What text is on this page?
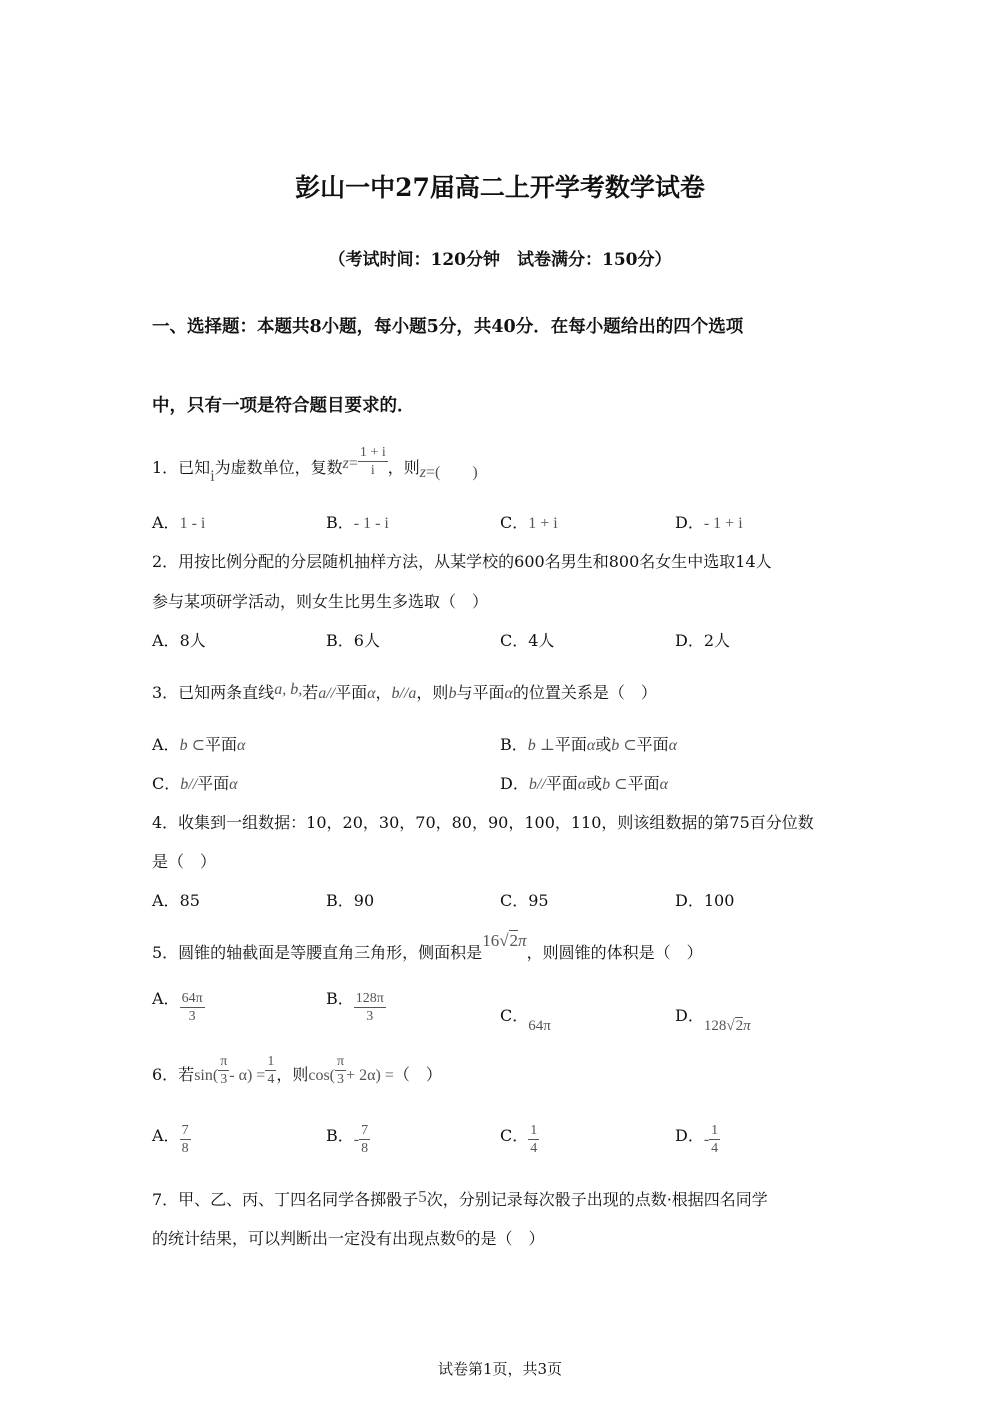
彭山一中27届高二上开学考数学试卷
（考试时间：120分钟　试卷满分：150分）
一、选择题：本题共8小题，每小题5分，共40分．在每小题给出的四个选项
中，只有一项是符合题目要求的．
1．已知i为虚数单位，复数$z= \frac{1 + i}{i}$ ，则z=(　　)
A．1 - i	B．- 1 - i	C．1 + i	D．- 1 + i
2．用按比例分配的分层随机抽样方法，从某学校的600名男生和800名女生中选取14人
参与某项研学活动，则女生比男生多选取（　）
A．8人	B．6人	C．4人	D．2人
3．已知两条直线a, b,若a//平面α，b//a，则b与平面α的位置关系是（　）
A．b ⊂平面α	B．b ⊥平面α或b ⊂平面α
C．b//平面α	D．b//平面α或b ⊂平面α
4．收集到一组数据：10，20，30，70，80，90，100，110，则该组数据的第75百分位数
是（　）
A．85	B．90	C．95	D．100
5．圆锥的轴截面是等腰直角三角形，侧面积是16√2π，则圆锥的体积是（　）
A． $\frac{64\pi}{3}$	B． $\frac{128\pi}{3}$	C．64π
D．128√2π
6．若$\sin( \frac{\pi}{3} - \alpha) = \frac{1}{4}$ ，则$\cos( \frac{\pi}{3} + 2\alpha)$ =（　）
A． $\frac{7}{8}$	B．- $\frac{7}{8}$	C． $\frac{1}{4}$	D．- $\frac{1}{4}$
7．甲、乙、丙、丁四名同学各掷骰子5次，分别记录每次骰子出现的点数·根据四名同学
的统计结果，可以判断出一定没有出现点数6的是（　）
试卷第1页，共3页
